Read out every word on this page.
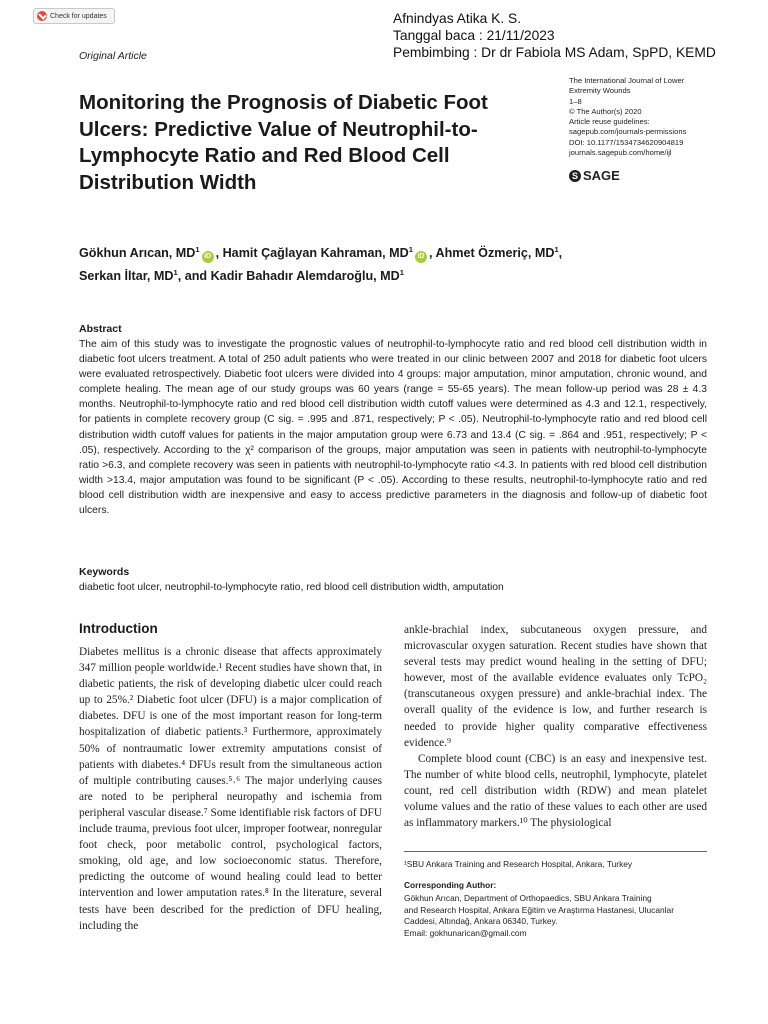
Check for updates	Afnindyas Atika K. S.
Tanggal baca : 21/11/2023
Pembimbing : Dr dr Fabiola MS Adam, SpPD, KEMD
Original Article
Monitoring the Prognosis of Diabetic Foot Ulcers: Predictive Value of Neutrophil-to-Lymphocyte Ratio and Red Blood Cell Distribution Width
The International Journal of Lower
Extremity Wounds
1–8
© The Author(s) 2020
Article reuse guidelines:
sagepub.com/journals-permissions
DOI: 10.1177/1534734620904819
journals.sagepub.com/home/ijl
S SAGE
Gökhun Arıcan, $MD^1iD$ , Hamit Çağlayan Kahraman, $MD^1iD$ , Ahmet Özmeriç, $MD^1$,
Serkan İltar, $MD^1$, and Kadir Bahadır Alemdaroğlu, $MD^1$
Abstract
The aim of this study was to investigate the prognostic values of neutrophil-to-lymphocyte ratio and red blood cell distribution width in diabetic foot ulcers treatment. A total of 250 adult patients who were treated in our clinic between 2007 and 2018 for diabetic foot ulcers were evaluated retrospectively. Diabetic foot ulcers were divided into 4 groups: major amputation, minor amputation, chronic wound, and complete healing. The mean age of our study groups was 60 years (range = 55-65 years). The mean follow-up period was 28 ± 4.3 months. Neutrophil-to-lymphocyte ratio and red blood cell distribution width cutoff values were determined as 4.3 and 12.1, respectively, for patients in complete recovery group (C sig. = .995 and .871, respectively; P < .05). Neutrophil-to-lymphocyte ratio and red blood cell distribution width cutoff values for patients in the major amputation group were 6.73 and 13.4 (C sig. = .864 and .951, respectively; P < .05), respectively. According to the χ² comparison of the groups, major amputation was seen in patients with neutrophil-to-lymphocyte ratio >6.3, and complete recovery was seen in patients with neutrophil-to-lymphocyte ratio <4.3. In patients with red blood cell distribution width >13.4, major amputation was found to be significant (P < .05). According to these results, neutrophil-to-lymphocyte ratio and red blood cell distribution width are inexpensive and easy to access predictive parameters in the diagnosis and follow-up of diabetic foot ulcers.
Keywords
diabetic foot ulcer, neutrophil-to-lymphocyte ratio, red blood cell distribution width, amputation
Introduction

Diabetes mellitus is a chronic disease that affects approximately 347 million people worldwide.¹ Recent studies have shown that, in diabetic patients, the risk of developing diabetic ulcer could reach up to 25%.² Diabetic foot ulcer (DFU) is a major complication of diabetes. DFU is one of the most important reason for long-term hospitalization of diabetic patients.³ Furthermore, approximately 50% of nontraumatic lower extremity amputations consist of patients with diabetes.⁴ DFUs result from the simultaneous action of multiple contributing causes.⁵˒⁶ The major underlying causes are noted to be peripheral neuropathy and ischemia from peripheral vascular disease.⁷ Some identifiable risk factors of DFU include trauma, previous foot ulcer, improper footwear, nonregular foot check, poor metabolic control, psychological factors, smoking, old age, and low socioeconomic status. Therefore, predicting the outcome of wound healing could lead to better intervention and lower amputation rates.⁸ In the literature, several tests have been described for the prediction of DFU healing, including the

ankle-brachial index, subcutaneous oxygen pressure, and microvascular oxygen saturation. Recent studies have shown that several tests may predict wound healing in the setting of DFU; however, most of the available evidence evaluates only TcPO₂ (transcutaneous oxygen pressure) and ankle-brachial index. The overall quality of the evidence is low, and further research is needed to provide higher quality comparative effectiveness evidence.⁹

Complete blood count (CBC) is an easy and inexpensive test. The number of white blood cells, neutrophil, lymphocyte, platelet count, red cell distribution width (RDW) and mean platelet volume values and the ratio of these values to each other are used as inflammatory markers.¹⁰ The physiological

¹SBU Ankara Training and Research Hospital, Ankara, Turkey
Corresponding Author:
Gökhun Arıcan, Department of Orthopaedics, SBU Ankara Training
and Research Hospital, Ankara Eğitim ve Araştırma Hastanesi, Ulucanlar
Caddesi, Altındağ, Ankara 06340, Turkey.
Email: gokhunarican@gmail.com
